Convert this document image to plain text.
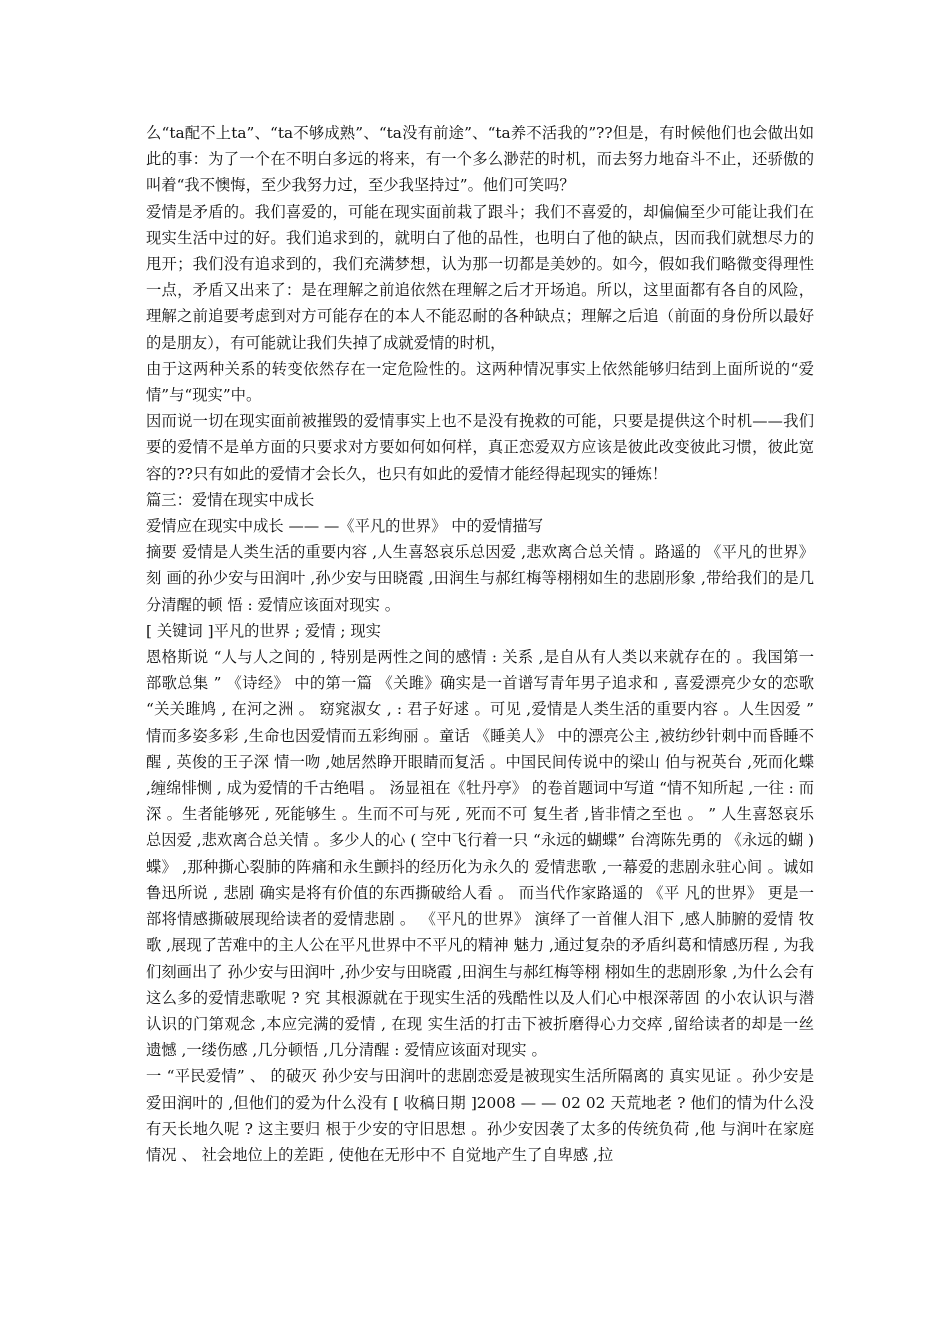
么“ta配不上ta”、“ta不够成熟”、“ta没有前途”、“ta养不活我的”??但是，有时候他们也会做出如此的事：为了一个在不明白多远的将来，有一个多么渺茫的时机，而去努力地奋斗不止，还骄傲的叫着“我不懊悔，至少我努力过，至少我坚持过”。他们可笑吗？

爱情是矛盾的。我们喜爱的，可能在现实面前栽了跟斗；我们不喜爱的，却偏偏至少可能让我们在现实生活中过的好。我们追求到的，就明白了他的品性，也明白了他的缺点，因而我们就想尽力的甩开；我们没有追求到的，我们充满梦想，认为那一切都是美妙的。如今，假如我们略微变得理性一点，矛盾又出来了：是在理解之前追依然在理解之后才开场追。所以，这里面都有各自的风险，理解之前追要考虑到对方可能存在的本人不能忍耐的各种缺点；理解之后追（前面的身份所以最好的是朋友），有可能就让我们失掉了成就爱情的时机，

由于这两种关系的转变依然存在一定危险性的。这两种情况事实上依然能够归结到上面所说的“爱情”与“现实”中。

因而说一切在现实面前被摧毁的爱情事实上也不是没有挽救的可能，只要是提供这个时机——我们要的爱情不是单方面的只要求对方要如何如何样，真正恋爱双方应该是彼此改变彼此习惯，彼此宽容的??只有如此的爱情才会长久，也只有如此的爱情才能经得起现实的锤炼！

篇三：爱情在现实中成长

爱情应在现实中成长 —— —《平凡的世界》 中的爱情描写

摘要 爱情是人类生活的重要内容 ,人生喜怒哀乐总因爱 ,悲欢离合总关情 。路遥的 《平凡的世界》 刻 画的孙少安与田润叶 ,孙少安与田晓霞 ,田润生与郝红梅等栩栩如生的悲剧形象 ,带给我们的是几分清醒的顿 悟 : 爱情应该面对现实 。

[ 关键词 ]平凡的世界 ; 爱情 ; 现实

恩格斯说 “人与人之间的 , 特别是两性之间的感情 : 关系 ,是自从有人类以来就存在的 。我国第一部歌总集 ” 《诗经》 中的第一篇 《关雎》确实是一首谱写青年男子追求和 , 喜爱漂亮少女的恋歌 “关关雎鸠 , 在河之洲 。 窈窕淑女 , : 君子好逑 。可见 ,爱情是人类生活的重要内容 。人生因爱 ” 情而多姿多彩 ,生命也因爱情而五彩绚丽 。童话 《睡美人》 中的漂亮公主 ,被纺纱针刺中而昏睡不醒 , 英俊的王子深 情一吻 ,她居然睁开眼睛而复活 。中国民间传说中的梁山 伯与祝英台 ,死而化蝶 ,缠绵悱恻 , 成为爱情的千古绝唱 。 汤显祖在《牡丹亭》 的卷首题词中写道 “情不知所起 ,一往 : 而深 。生者能够死 , 死能够生 。生而不可与死 , 死而不可 复生者 ,皆非情之至也 。 ” 人生喜怒哀乐总因爱 ,悲欢离合总关情 。多少人的心 ( 空中飞行着一只 “永远的蝴蝶” 台湾陈先勇的 《永远的蝴 ) 蝶》 ,那种撕心裂肺的阵痛和永生颤抖的经历化为永久的 爱情悲歌 ,一幕爱的悲剧永驻心间 。诚如鲁迅所说 , 悲剧 确实是将有价值的东西撕破给人看 。 而当代作家路遥的 《平 凡的世界》 更是一部将情感撕破展现给读者的爱情悲剧 。 《平凡的世界》 演绎了一首催人泪下 ,感人肺腑的爱情 牧歌 ,展现了苦难中的主人公在平凡世界中不平凡的精神 魅力 ,通过复杂的矛盾纠葛和情感历程 , 为我们刻画出了 孙少安与田润叶 ,孙少安与田晓霞 ,田润生与郝红梅等栩 栩如生的悲剧形象 ,为什么会有这么多的爱情悲歌呢 ? 究 其根源就在于现实生活的残酷性以及人们心中根深蒂固 的小农认识与潜认识的门第观念 ,本应完满的爱情 , 在现 实生活的打击下被折磨得心力交瘁 ,留给读者的却是一丝 遗憾 ,一缕伤感 ,几分顿悟 ,几分清醒 : 爱情应该面对现实 。

一 “平民爱情” 、 的破灭 孙少安与田润叶的悲剧恋爱是被现实生活所隔离的 真实见证 。孙少安是爱田润叶的 ,但他们的爱为什么没有 [ 收稿日期 ]2008 — — 02 02 天荒地老 ? 他们的情为什么没有天长地久呢 ? 这主要归 根于少安的守旧思想 。孙少安因袭了太多的传统负荷 ,他 与润叶在家庭情况 、 社会地位上的差距 , 使他在无形中不 自觉地产生了自卑感 ,拉
